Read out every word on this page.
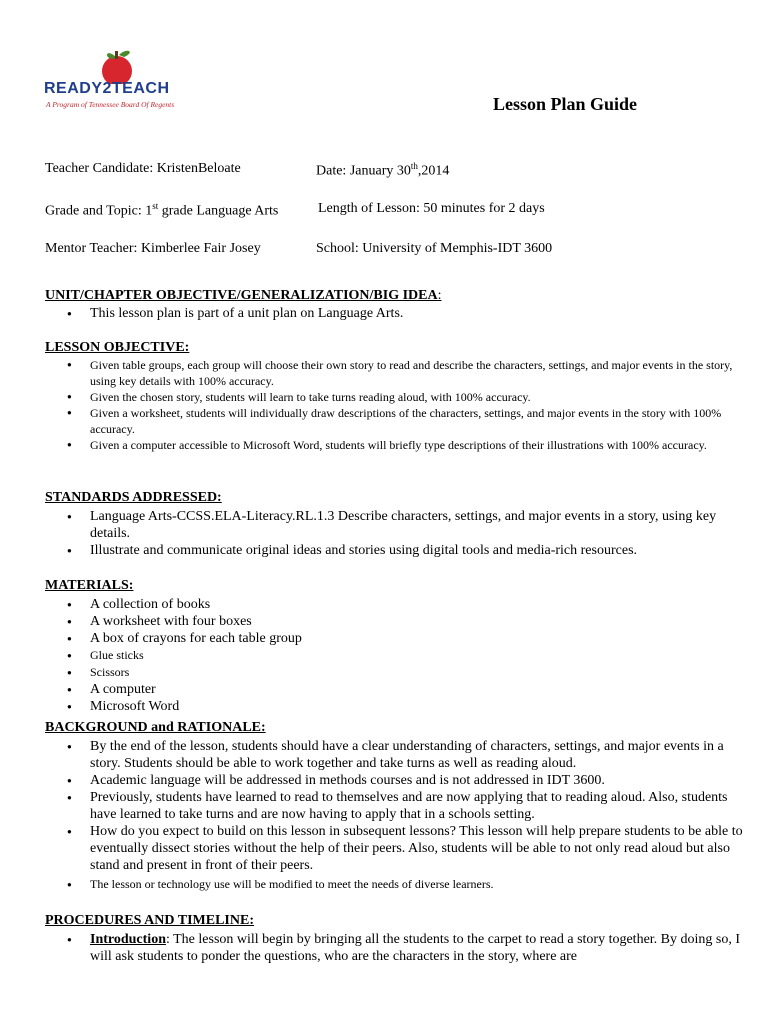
READY2TEACH
A Program of Tennessee Board Of Regents	Lesson Plan Guide
Teacher Candidate: KristenBeloate	Date: January 30th,2014
Grade and Topic: 1st grade Language Arts	Length of Lesson: 50 minutes for 2 days
Mentor Teacher: Kimberlee Fair Josey	School: University of Memphis-IDT 3600
UNIT/CHAPTER OBJECTIVE/GENERALIZATION/BIG IDEA:
● This lesson plan is part of a unit plan on Language Arts.
LESSON OBJECTIVE:
● Given table groups, each group will choose their own story to read and describe the characters, settings, and major events in the story, using key details with 100% accuracy.
● Given the chosen story, students will learn to take turns reading aloud, with 100% accuracy.
● Given a worksheet, students will individually draw descriptions of the characters, settings, and major events in the story with 100% accuracy.
● Given a computer accessible to Microsoft Word, students will briefly type descriptions of their illustrations with 100% accuracy.
STANDARDS ADDRESSED:
● Language Arts-CCSS.ELA-Literacy.RL.1.3 Describe characters, settings, and major events in a story, using key details.
● Illustrate and communicate original ideas and stories using digital tools and media-rich resources.
MATERIALS:
● A collection of books
● A worksheet with four boxes
● A box of crayons for each table group
● Glue sticks
● Scissors
● A computer
● Microsoft Word
BACKGROUND and RATIONALE:
● By the end of the lesson, students should have a clear understanding of characters, settings, and major events in a story. Students should be able to work together and take turns as well as reading aloud.
● Academic language will be addressed in methods courses and is not addressed in IDT 3600.
● Previously, students have learned to read to themselves and are now applying that to reading aloud. Also, students have learned to take turns and are now having to apply that in a schools setting.
● How do you expect to build on this lesson in subsequent lessons? This lesson will help prepare students to be able to eventually dissect stories without the help of their peers. Also, students will be able to not only read aloud but also stand and present in front of their peers.
● The lesson or technology use will be modified to meet the needs of diverse learners.
PROCEDURES AND TIMELINE:
● Introduction: The lesson will begin by bringing all the students to the carpet to read a story together. By doing so, I will ask students to ponder the questions, who are the characters in the story, where are
